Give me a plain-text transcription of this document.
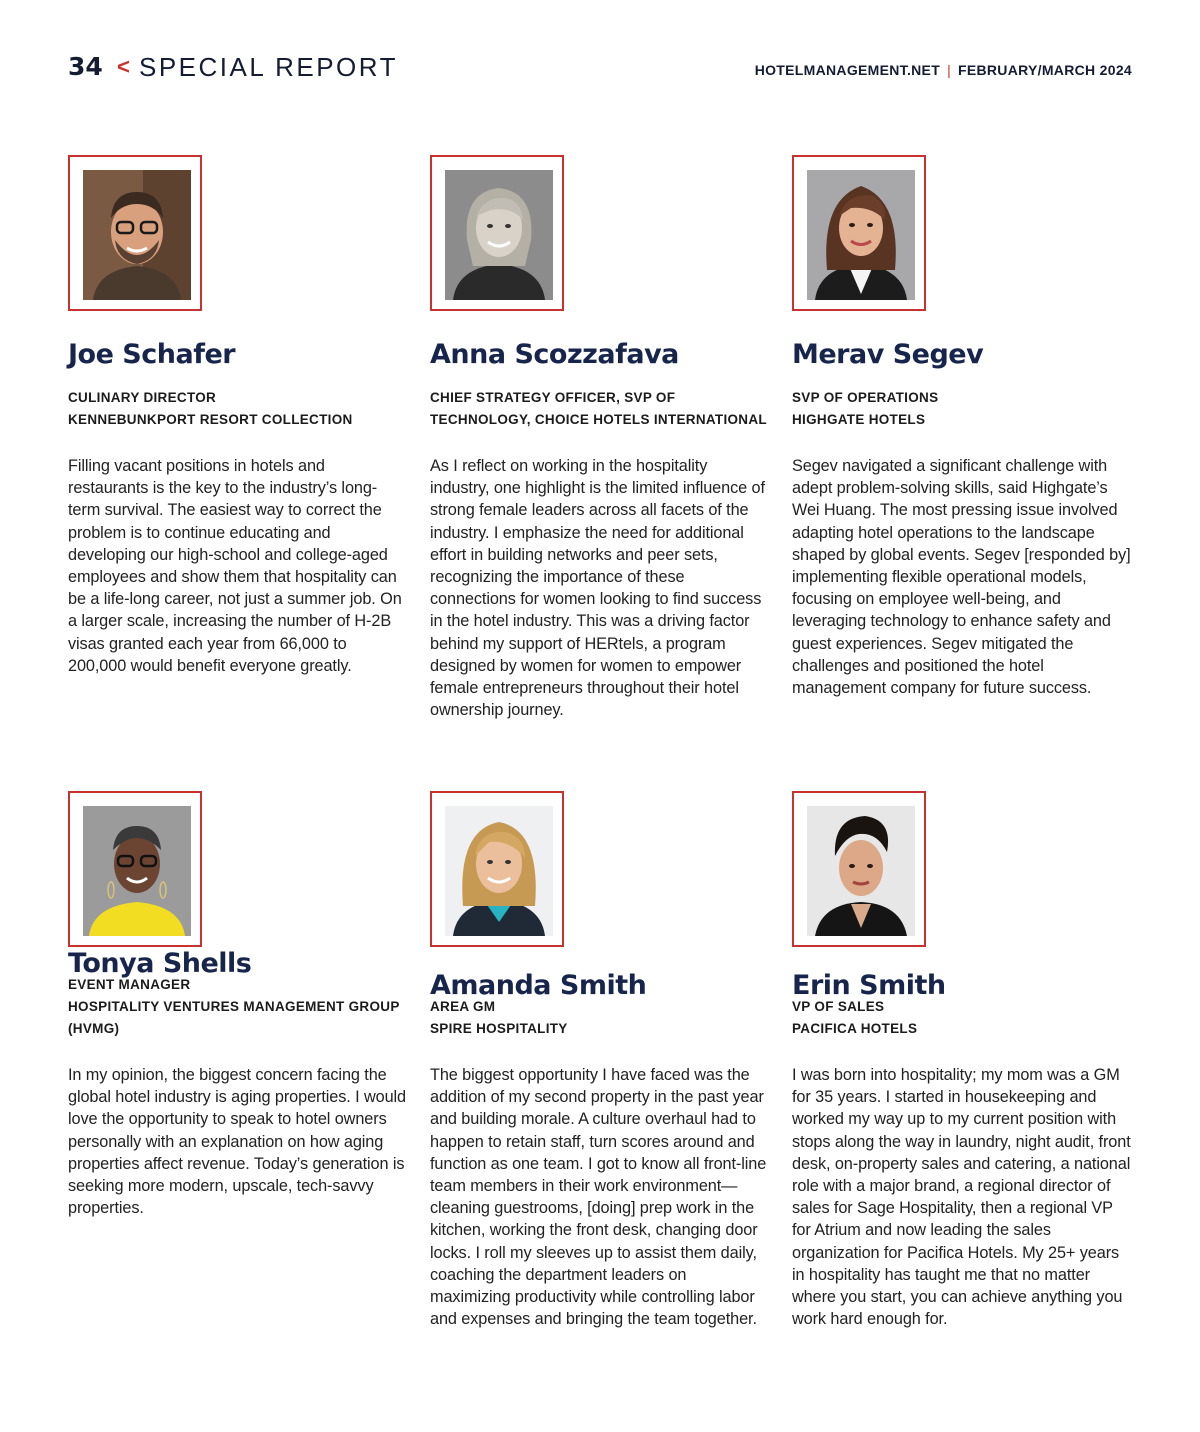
34 < SPECIAL REPORT	HOTELMANAGEMENT.NET | FEBRUARY/MARCH 2024
Joe Schafer
CULINARY DIRECTOR
KENNEBUNKPORT RESORT COLLECTION
Filling vacant positions in hotels and restaurants is the key to the industry’s long-term survival. The easiest way to correct the problem is to continue educating and developing our high-school and college-aged employees and show them that hospitality can be a life-long career, not just a summer job. On a larger scale, increasing the number of H-2B visas granted each year from 66,000 to 200,000 would benefit everyone greatly.
Anna Scozzafava
CHIEF STRATEGY OFFICER, SVP OF
TECHNOLOGY, CHOICE HOTELS INTERNATIONAL
As I reflect on working in the hospitality industry, one highlight is the limited influence of strong female leaders across all facets of the industry. I emphasize the need for additional effort in building networks and peer sets, recognizing the importance of these connections for women looking to find success in the hotel industry. This was a driving factor behind my support of HERtels, a program designed by women for women to empower female entrepreneurs throughout their hotel ownership journey.
Merav Segev
SVP OF OPERATIONS
HIGHGATE HOTELS
Segev navigated a significant challenge with adept problem-solving skills, said Highgate’s Wei Huang. The most pressing issue involved adapting hotel operations to the landscape shaped by global events. Segev [responded by] implementing flexible operational models, focusing on employee well-being, and leveraging technology to enhance safety and guest experiences. Segev mitigated the challenges and positioned the hotel management company for future success.
Tonya Shells
EVENT MANAGER
HOSPITALITY VENTURES MANAGEMENT GROUP (HVMG)
In my opinion, the biggest concern facing the global hotel industry is aging properties. I would love the opportunity to speak to hotel owners personally with an explanation on how aging properties affect revenue. Today’s generation is seeking more modern, upscale, tech-savvy properties.
Amanda Smith
AREA GM
SPIRE HOSPITALITY
The biggest opportunity I have faced was the addition of my second property in the past year and building morale. A culture overhaul had to happen to retain staff, turn scores around and function as one team. I got to know all front-line team members in their work environment—cleaning guestrooms, [doing] prep work in the kitchen, working the front desk, changing door locks. I roll my sleeves up to assist them daily, coaching the department leaders on maximizing productivity while controlling labor and expenses and bringing the team together.
Erin Smith
VP OF SALES
PACIFICA HOTELS
I was born into hospitality; my mom was a GM for 35 years. I started in housekeeping and worked my way up to my current position with stops along the way in laundry, night audit, front desk, on-property sales and catering, a national role with a major brand, a regional director of sales for Sage Hospitality, then a regional VP for Atrium and now leading the sales organization for Pacifica Hotels. My 25+ years in hospitality has taught me that no matter where you start, you can achieve anything you work hard enough for.
